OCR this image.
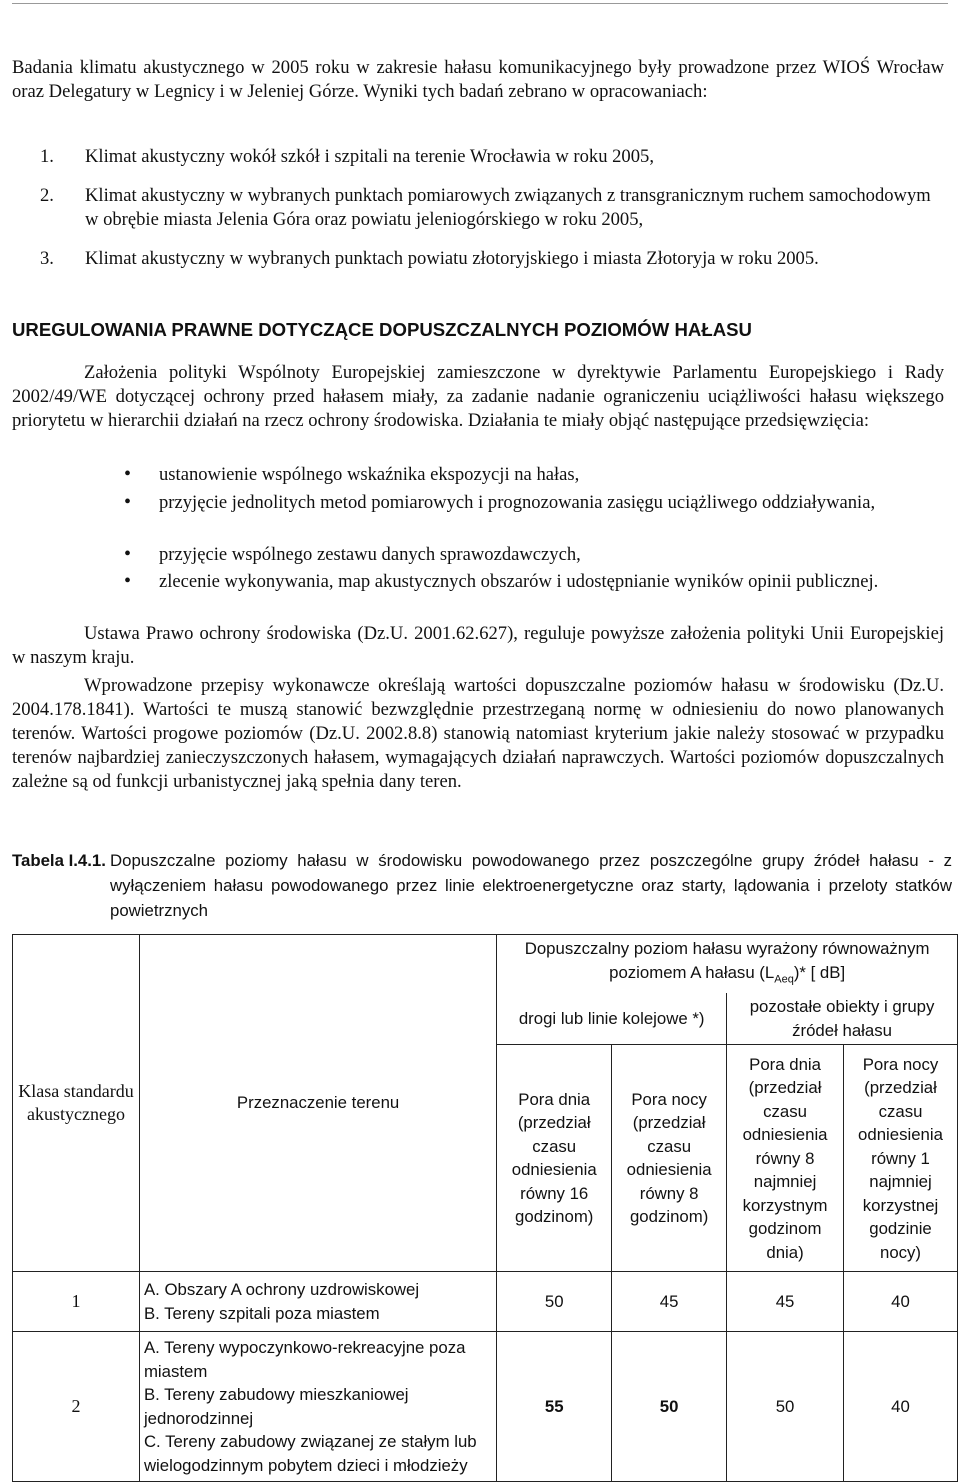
Badania klimatu akustycznego w 2005 roku w zakresie hałasu komunikacyjnego były prowadzone przez WIOŚ Wrocław oraz Delegatury w Legnicy i w Jeleniej Górze. Wyniki tych badań zebrano w opracowaniach:

1. Klimat akustyczny wokół szkół i szpitali na terenie Wrocławia w roku 2005,
2. Klimat akustyczny w wybranych punktach pomiarowych związanych z transgranicznym ruchem samochodowym w obrębie miasta Jelenia Góra oraz powiatu jeleniogórskiego w roku 2005,
3. Klimat akustyczny w wybranych punktach powiatu złotoryjskiego i miasta Złotoryja w roku 2005.
UREGULOWANIA PRAWNE DOTYCZĄCE DOPUSZCZALNYCH POZIOMÓW HAŁASU

Założenia polityki Wspólnoty Europejskiej zamieszczone w dyrektywie Parlamentu Europejskiego i Rady 2002/49/WE dotyczącej ochrony przed hałasem miały, za zadanie nadanie ograniczeniu uciążliwości hałasu większego priorytetu w hierarchii działań na rzecz ochrony środowiska. Działania te miały objąć następujące przedsięwzięcia:

• ustanowienie wspólnego wskaźnika ekspozycji na hałas,
• przyjęcie jednolitych metod pomiarowych i prognozowania zasięgu uciążliwego oddziaływania,
• przyjęcie wspólnego zestawu danych sprawozdawczych,
• zlecenie wykonywania, map akustycznych obszarów i udostępnianie wyników opinii publicznej.

Ustawa Prawo ochrony środowiska (Dz.U. 2001.62.627), reguluje powyższe założenia polityki Unii Europejskiej w naszym kraju.

Wprowadzone przepisy wykonawcze określają wartości dopuszczalne poziomów hałasu w środowisku (Dz.U. 2004.178.1841). Wartości te muszą stanowić bezwzględnie przestrzeganą normę w odniesieniu do nowo planowanych terenów. Wartości progowe poziomów (Dz.U. 2002.8.8) stanowią natomiast kryterium jakie należy stosować w przypadku terenów najbardziej zanieczyszczonych hałasem, wymagających działań naprawczych. Wartości poziomów dopuszczalnych zależne są od funkcji urbanistycznej jaką spełnia dany teren.

Tabela I.4.1. Dopuszczalne poziomy hałasu w środowisku powodowanego przez poszczególne grupy źródeł hałasu - z wyłączeniem hałasu powodowanego przez linie elektroenergetyczne oraz starty, lądowania i przeloty statków powietrznych
Klasa standardu akustycznego	Przeznaczenie terenu	Dopuszczalny poziom hałasu wyrażony równoważnym poziomem A hałasu $(L_{Aeq})*$ [ dB]			
		drogi lub linie kolejowe *)		pozostałe obiekty i grupy źródeł hałasu	
		Pora dnia (przedział czasu odniesienia równy 16 godzinom)	Pora nocy (przedział czasu odniesienia równy 8 godzinom)	Pora dnia (przedział czasu odniesienia równy 8 najmniej korzystnym godzinom dnia)	Pora nocy (przedział czasu odniesienia równy 1 najmniej korzystnej godzinie nocy)
1	A. Obszary A ochrony uzdrowiskowej
B. Tereny szpitali poza miastem	50	45	45	40
2	A. Tereny wypoczynkowo-rekreacyjne poza miastem
B. Tereny zabudowy mieszkaniowej jednorodzinnej
C. Tereny zabudowy związanej ze stałym lub wielogodzinnym pobytem dzieci i młodzieży	55	50	50	40
